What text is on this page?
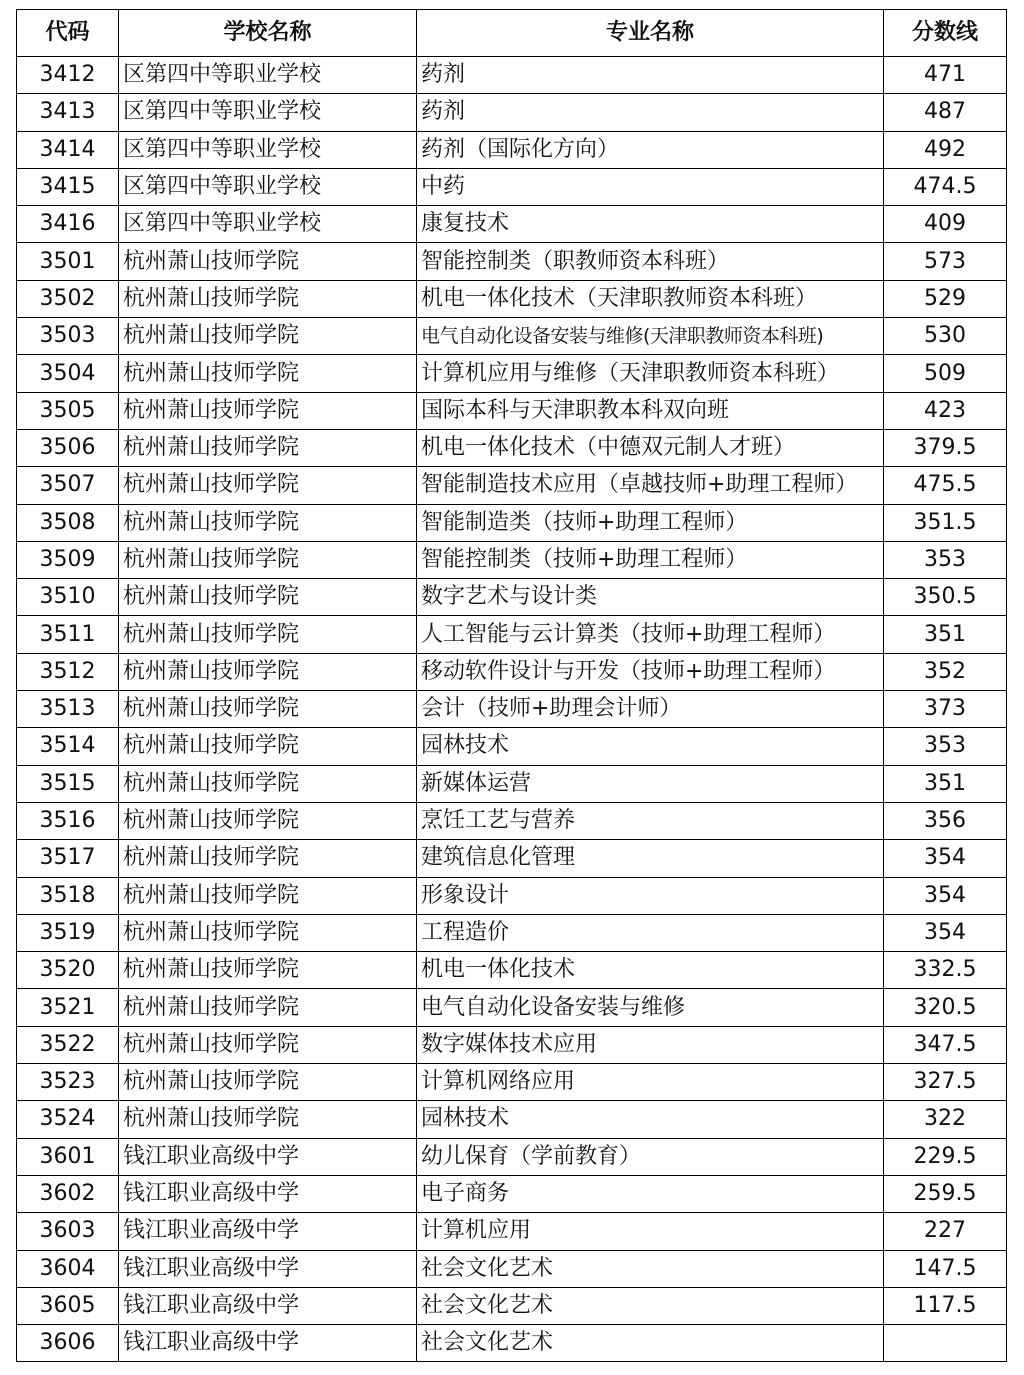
代码	学校名称	专业名称	分数线
3412	区第四中等职业学校	药剂	471
3413	区第四中等职业学校	药剂	487
3414	区第四中等职业学校	药剂（国际化方向）	492
3415	区第四中等职业学校	中药	474.5
3416	区第四中等职业学校	康复技术	409
3501	杭州萧山技师学院	智能控制类（职教师资本科班）	573
3502	杭州萧山技师学院	机电一体化技术（天津职教师资本科班）	529
3503	杭州萧山技师学院	电气自动化设备安装与维修(天津职教师资本科班)	530
3504	杭州萧山技师学院	计算机应用与维修（天津职教师资本科班）	509
3505	杭州萧山技师学院	国际本科与天津职教本科双向班	423
3506	杭州萧山技师学院	机电一体化技术（中德双元制人才班）	379.5
3507	杭州萧山技师学院	智能制造技术应用（卓越技师+助理工程师）	475.5
3508	杭州萧山技师学院	智能制造类（技师+助理工程师）	351.5
3509	杭州萧山技师学院	智能控制类（技师+助理工程师）	353
3510	杭州萧山技师学院	数字艺术与设计类	350.5
3511	杭州萧山技师学院	人工智能与云计算类（技师+助理工程师）	351
3512	杭州萧山技师学院	移动软件设计与开发（技师+助理工程师）	352
3513	杭州萧山技师学院	会计（技师+助理会计师）	373
3514	杭州萧山技师学院	园林技术	353
3515	杭州萧山技师学院	新媒体运营	351
3516	杭州萧山技师学院	烹饪工艺与营养	356
3517	杭州萧山技师学院	建筑信息化管理	354
3518	杭州萧山技师学院	形象设计	354
3519	杭州萧山技师学院	工程造价	354
3520	杭州萧山技师学院	机电一体化技术	332.5
3521	杭州萧山技师学院	电气自动化设备安装与维修	320.5
3522	杭州萧山技师学院	数字媒体技术应用	347.5
3523	杭州萧山技师学院	计算机网络应用	327.5
3524	杭州萧山技师学院	园林技术	322
3601	钱江职业高级中学	幼儿保育（学前教育）	229.5
3602	钱江职业高级中学	电子商务	259.5
3603	钱江职业高级中学	计算机应用	227
3604	钱江职业高级中学	社会文化艺术	147.5
3605	钱江职业高级中学	社会文化艺术	117.5
3606	钱江职业高级中学	社会文化艺术	
